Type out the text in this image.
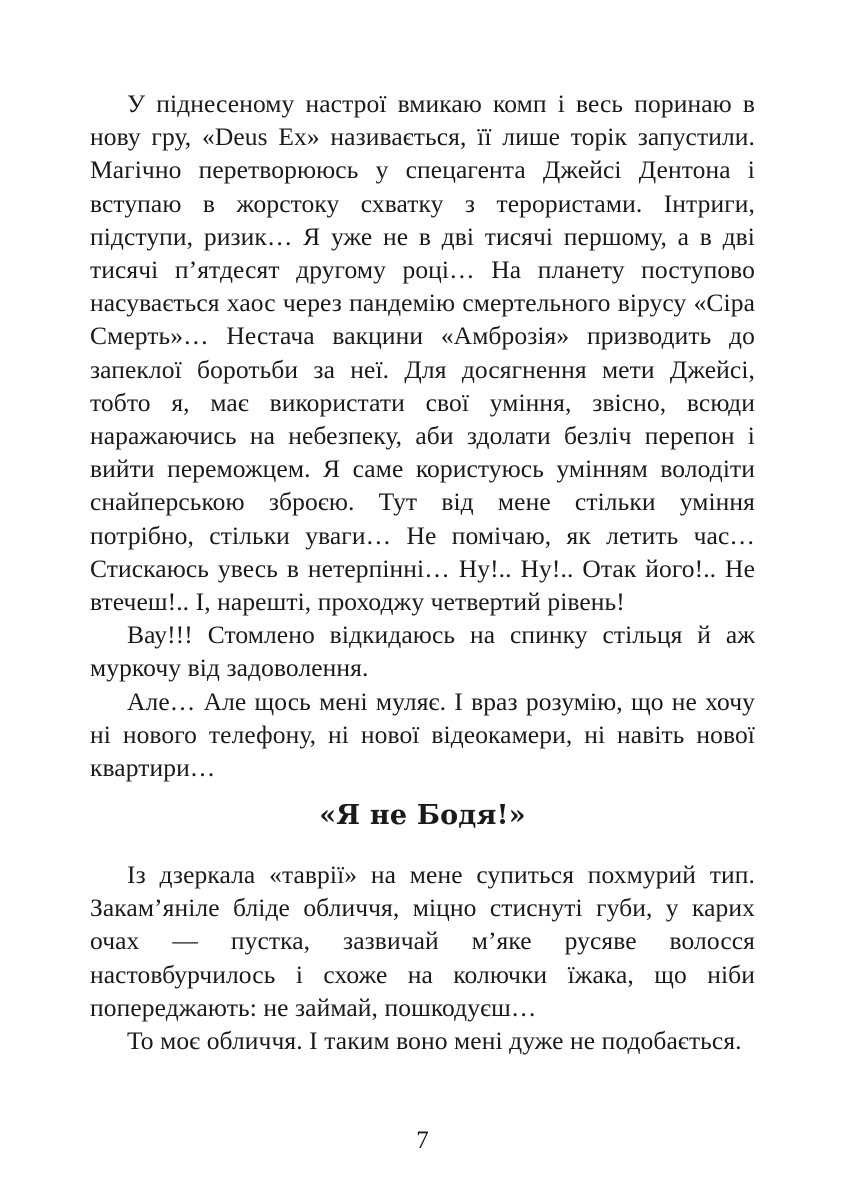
У піднесеному настрої вмикаю комп і весь поринаю в нову гру, «Deus Ex» називається, її лише торік запустили. Магічно перетворююсь у спецагента Джейсі Дентона і вступаю в жорстоку схватку з терористами. Інтриги, підступи, ризик… Я уже не в дві тисячі першому, а в дві тисячі п’ятдесят другому році… На планету поступово насувається хаос через пандемію смертельного вірусу «Сіра Смерть»… Нестача вакцини «Амброзія» призводить до запеклої боротьби за неї. Для досягнення мети Джейсі, тобто я, має використати свої уміння, звісно, всюди наражаючись на небезпеку, аби здолати безліч перепон і вийти переможцем. Я саме користуюсь умінням володіти снайперською зброєю. Тут від мене стільки уміння потрібно, стільки уваги… Не помічаю, як летить час… Стискаюсь увесь в нетерпінні… Ну!.. Ну!.. Отак його!.. Не втечеш!.. І, нарешті, проходжу четвертий рівень!

Вау!!! Стомлено відкидаюсь на спинку стільця й аж муркочу від задоволення.

Але… Але щось мені муляє. І враз розумію, що не хочу ні нового телефону, ні нової відеокамери, ні навіть нової квартири…

«Я не Бодя!»

Із дзеркала «таврії» на мене супиться похмурий тип. Закам’яніле бліде обличчя, міцно стиснуті губи, у карих очах — пустка, зазвичай м’яке русяве волосся настовбурчилось і схоже на колючки їжака, що ніби попереджають: не займай, пошкодуєш…

То моє обличчя. І таким воно мені дуже не подобається.

7
